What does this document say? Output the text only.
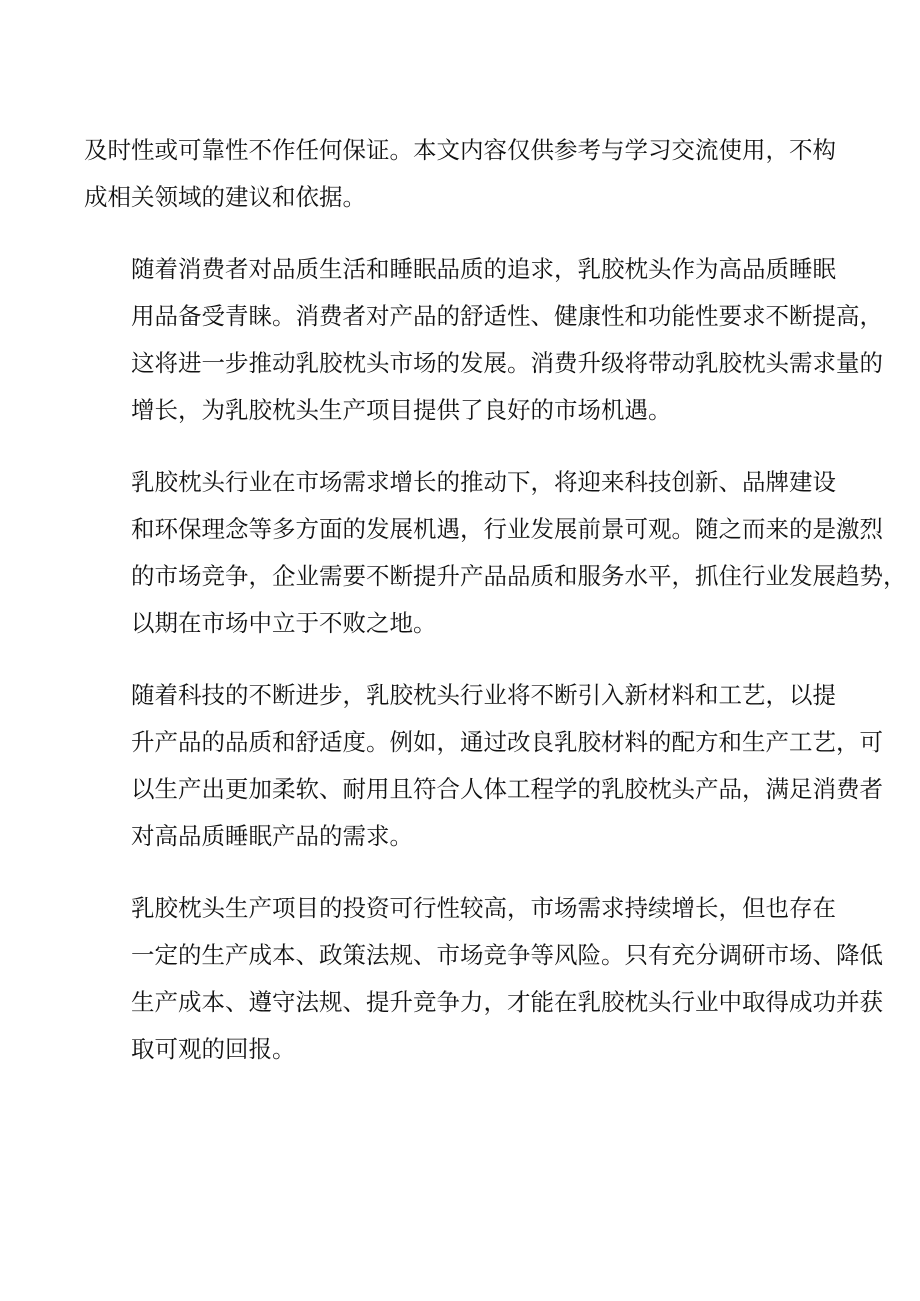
及时性或可靠性不作任何保证。本文内容仅供参考与学习交流使用，不构
成相关领域的建议和依据。

随着消费者对品质生活和睡眠品质的追求，乳胶枕头作为高品质睡眠
用品备受青睐。消费者对产品的舒适性、健康性和功能性要求不断提高，
这将进一步推动乳胶枕头市场的发展。消费升级将带动乳胶枕头需求量的
增长，为乳胶枕头生产项目提供了良好的市场机遇。

乳胶枕头行业在市场需求增长的推动下，将迎来科技创新、品牌建设
和环保理念等多方面的发展机遇，行业发展前景可观。随之而来的是激烈
的市场竞争，企业需要不断提升产品品质和服务水平，抓住行业发展趋势，
以期在市场中立于不败之地。

随着科技的不断进步，乳胶枕头行业将不断引入新材料和工艺，以提
升产品的品质和舒适度。例如，通过改良乳胶材料的配方和生产工艺，可
以生产出更加柔软、耐用且符合人体工程学的乳胶枕头产品，满足消费者
对高品质睡眠产品的需求。

乳胶枕头生产项目的投资可行性较高，市场需求持续增长，但也存在
一定的生产成本、政策法规、市场竞争等风险。只有充分调研市场、降低
生产成本、遵守法规、提升竞争力，才能在乳胶枕头行业中取得成功并获
取可观的回报。
